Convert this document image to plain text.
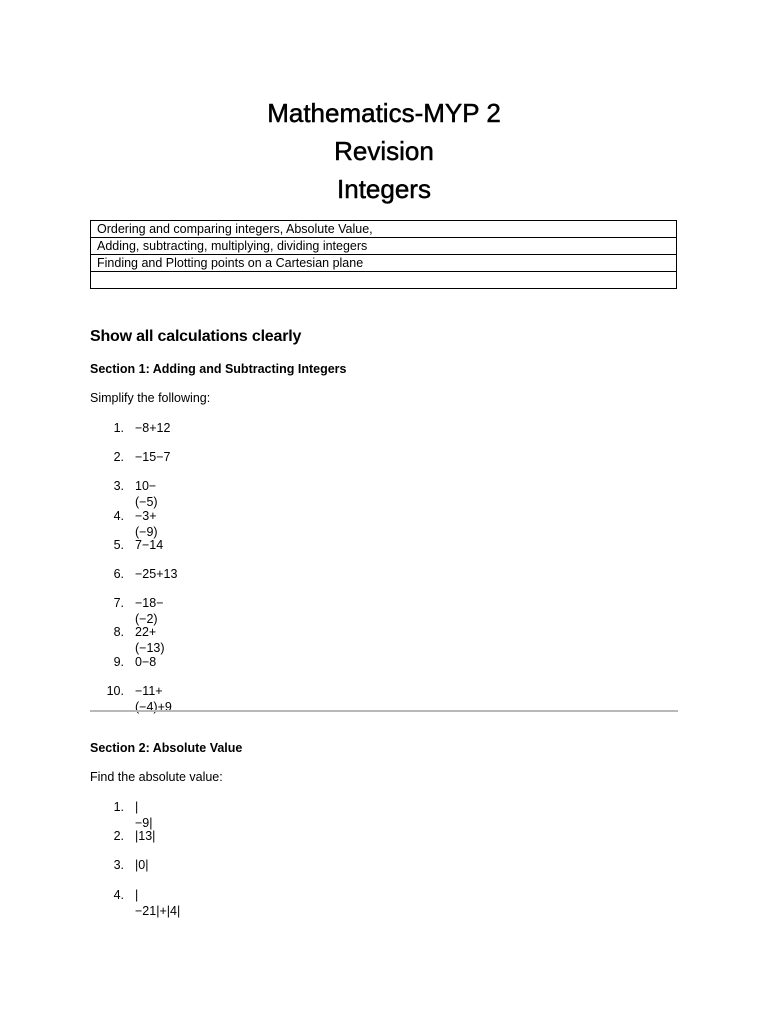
Mathematics-MYP 2

Revision

Integers

Ordering and comparing integers, Absolute Value,
Adding, subtracting, multiplying, dividing integers
Finding and Plotting points on a Cartesian plane

Show all calculations clearly
Section 1: Adding and Subtracting Integers
Simplify the following:
1. −8+12
2. −15−7
3. 10−(−5)
4. −3+(−9)
5. 7−14
6. −25+13
7. −18−(−2)
8. 22+(−13)
9. 0−8
10. −11+(−4)+9
Section 2: Absolute Value
Find the absolute value:
1. |−9|
2. |13|
3. |0|
4. |−21|+|4|
